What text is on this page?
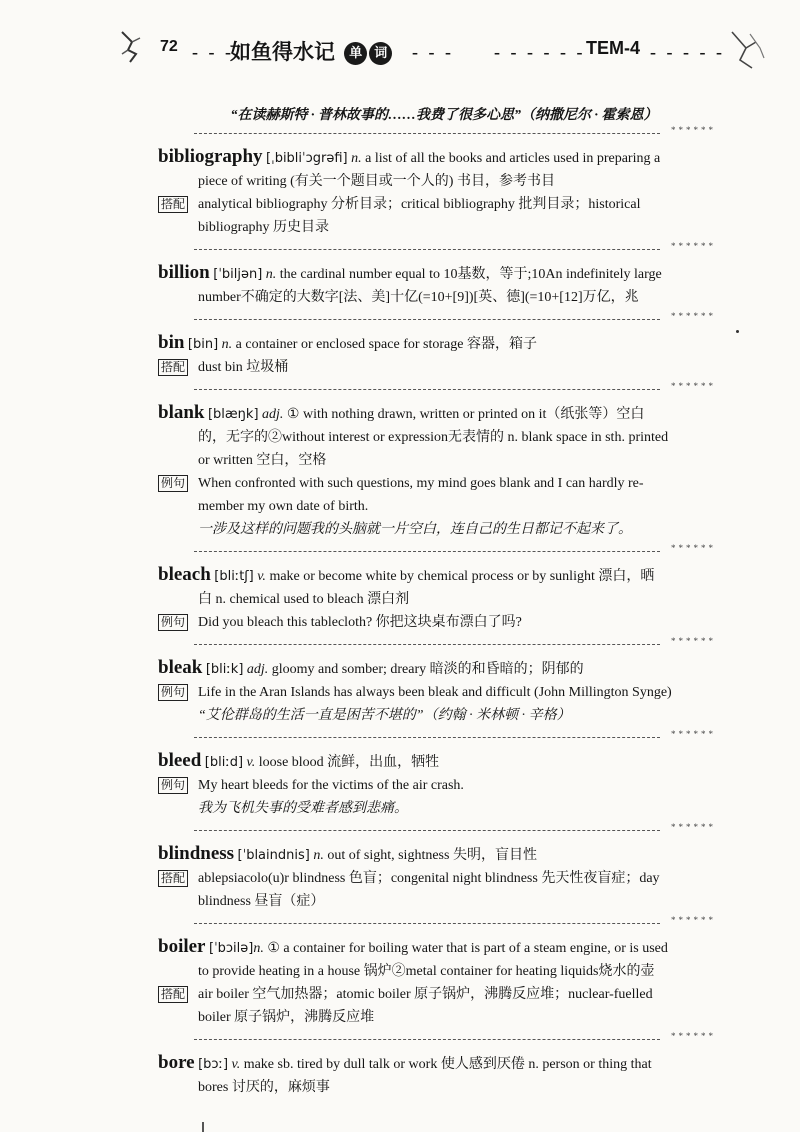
72 - - -
如鱼得水记 单 词 - - - - - - - - - TEM-4 - - - - -
“在读赫斯特 · 普林故事的……我费了很多心思”（纳撒尼尔 · 霍索恩）
******
bibliography [ˌbibliˈɔgrəfi] n. a list of all the books and articles used in preparing a
piece of writing (有关一个题目或一个人的) 书目，参考书目
搭配 analytical bibliography 分析目录；critical bibliography 批判目录；historical
bibliography 历史目录
******
billion [ˈbiljən] n. the cardinal number equal to 10基数，等于;10An indefinitely large
number不确定的大数字[法、美]十亿(=10+[9])[英、德](=10+[12]万亿，兆
******
bin [bin] n. a container or enclosed space for storage 容器，箱子
搭配 dust bin 垃圾桶
******
blank [blæŋk] adj. ① with nothing drawn, written or printed on it（纸张等）空白
的，无字的②without interest or expression无表情的 n. blank space in sth. printed
or written 空白，空格
例句 When confronted with such questions, my mind goes blank and I can hardly re-
member my own date of birth.
一涉及这样的问题我的头脑就一片空白，连自己的生日都记不起来了。
******
bleach [bliːtʃ] v. make or become white by chemical process or by sunlight 漂白，晒
白 n. chemical used to bleach 漂白剂
例句 Did you bleach this tablecloth? 你把这块桌布漂白了吗?
******
bleak [bliːk] adj. gloomy and somber; dreary 暗淡的和昏暗的；阴郁的
例句 Life in the Aran Islands has always been bleak and difficult (John Millington Synge)
“艾伦群岛的生活一直是困苦不堪的”（约翰 · 米林顿 · 辛格）
******
bleed [bliːd] v. loose blood 流鲜，出血，牺牲
例句 My heart bleeds for the victims of the air crash.
我为飞机失事的受难者感到悲痛。
******
blindness [ˈblaindnis] n. out of sight, sightness 失明，盲目性
搭配 ablepsiacolo(u)r blindness 色盲；congenital night blindness 先天性夜盲症；day
blindness 昼盲（症）
******
boiler [ˈbɔilə]n. ① a container for boiling water that is part of a steam engine, or is used
to provide heating in a house 锅炉②metal container for heating liquids烧水的壶
搭配 air boiler 空气加热器；atomic boiler 原子锅炉，沸腾反应堆；nuclear-fuelled
boiler 原子锅炉，沸腾反应堆
******
bore [bɔː] v. make sb. tired by dull talk or work 使人感到厌倦 n. person or thing that
bores 讨厌的，麻烦事
